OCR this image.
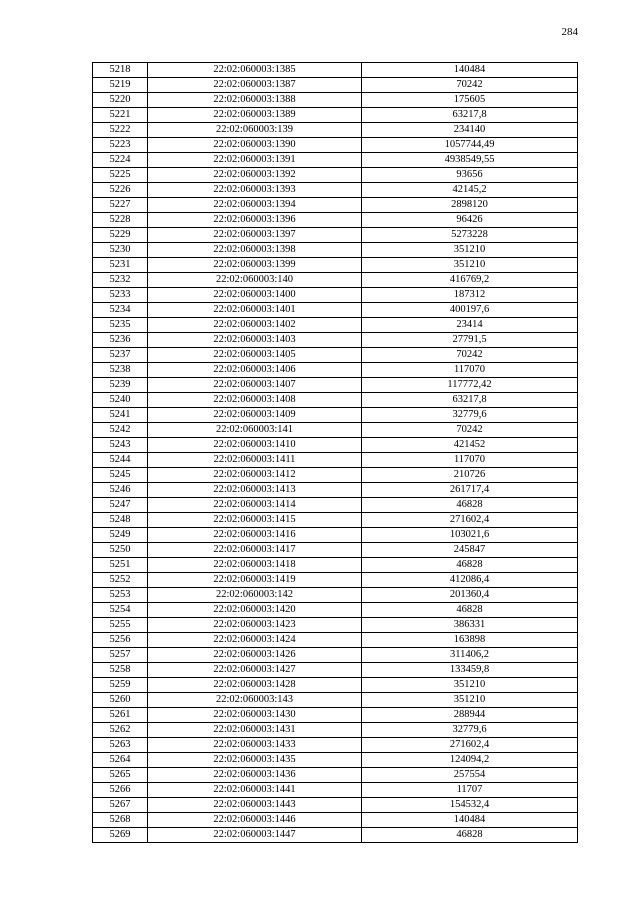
284
5218	22:02:060003:1385	140484
5219	22:02:060003:1387	70242
5220	22:02:060003:1388	175605
5221	22:02:060003:1389	63217,8
5222	22:02:060003:139	234140
5223	22:02:060003:1390	1057744,49
5224	22:02:060003:1391	4938549,55
5225	22:02:060003:1392	93656
5226	22:02:060003:1393	42145,2
5227	22:02:060003:1394	2898120
5228	22:02:060003:1396	96426
5229	22:02:060003:1397	5273228
5230	22:02:060003:1398	351210
5231	22:02:060003:1399	351210
5232	22:02:060003:140	416769,2
5233	22:02:060003:1400	187312
5234	22:02:060003:1401	400197,6
5235	22:02:060003:1402	23414
5236	22:02:060003:1403	27791,5
5237	22:02:060003:1405	70242
5238	22:02:060003:1406	117070
5239	22:02:060003:1407	117772,42
5240	22:02:060003:1408	63217,8
5241	22:02:060003:1409	32779,6
5242	22:02:060003:141	70242
5243	22:02:060003:1410	421452
5244	22:02:060003:1411	117070
5245	22:02:060003:1412	210726
5246	22:02:060003:1413	261717,4
5247	22:02:060003:1414	46828
5248	22:02:060003:1415	271602,4
5249	22:02:060003:1416	103021,6
5250	22:02:060003:1417	245847
5251	22:02:060003:1418	46828
5252	22:02:060003:1419	412086,4
5253	22:02:060003:142	201360,4
5254	22:02:060003:1420	46828
5255	22:02:060003:1423	386331
5256	22:02:060003:1424	163898
5257	22:02:060003:1426	311406,2
5258	22:02:060003:1427	133459,8
5259	22:02:060003:1428	351210
5260	22:02:060003:143	351210
5261	22:02:060003:1430	288944
5262	22:02:060003:1431	32779,6
5263	22:02:060003:1433	271602,4
5264	22:02:060003:1435	124094,2
5265	22:02:060003:1436	257554
5266	22:02:060003:1441	11707
5267	22:02:060003:1443	154532,4
5268	22:02:060003:1446	140484
5269	22:02:060003:1447	46828
